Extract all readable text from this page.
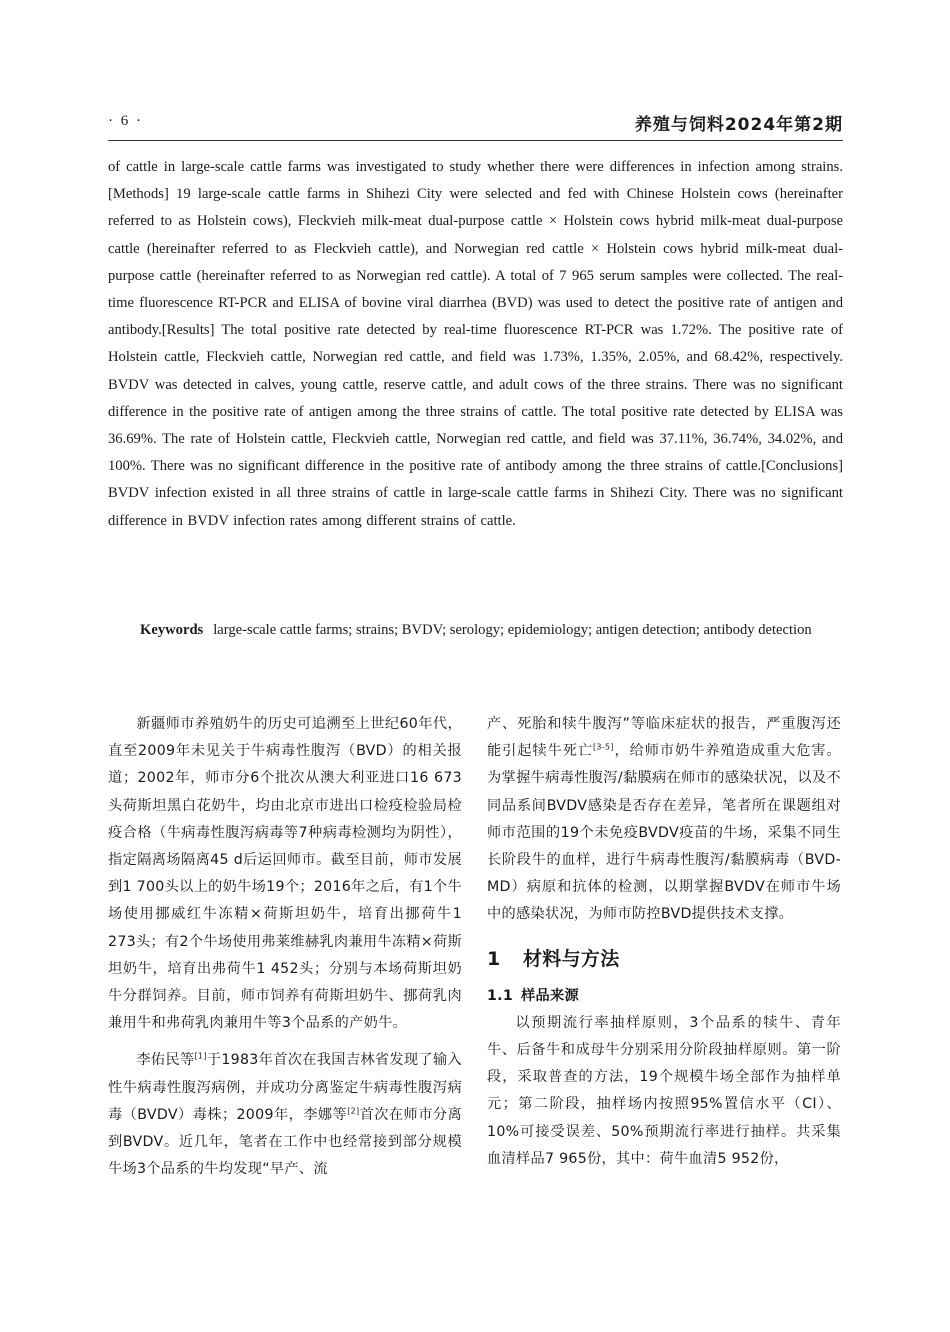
· 6 ·	养殖与饲料2024年第2期

of cattle in large-scale cattle farms was investigated to study whether there were differences in infection among strains.[Methods] 19 large-scale cattle farms in Shihezi City were selected and fed with Chinese Holstein cows (hereinafter referred to as Holstein cows), Fleckvieh milk-meat dual-purpose cattle × Holstein cows hybrid milk-meat dual-purpose cattle (hereinafter referred to as Fleckvieh cattle), and Norwegian red cattle × Holstein cows hybrid milk-meat dual-purpose cattle (hereinafter referred to as Norwegian red cattle). A total of 7 965 serum samples were collected. The real-time fluorescence RT-PCR and ELISA of bovine viral diarrhea (BVD) was used to detect the positive rate of antigen and antibody.[Results] The total positive rate detected by real-time fluorescence RT-PCR was 1.72%. The positive rate of Holstein cattle, Fleckvieh cattle, Norwegian red cattle, and field was 1.73%, 1.35%, 2.05%, and 68.42%, respectively. BVDV was detected in calves, young cattle, reserve cattle, and adult cows of the three strains. There was no significant difference in the positive rate of antigen among the three strains of cattle. The total positive rate detected by ELISA was 36.69%. The rate of Holstein cattle, Fleckvieh cattle, Norwegian red cattle, and field was 37.11%, 36.74%, 34.02%, and 100%. There was no significant difference in the positive rate of antibody among the three strains of cattle.[Conclusions] BVDV infection existed in all three strains of cattle in large-scale cattle farms in Shihezi City. There was no significant difference in BVDV infection rates among different strains of cattle.

Keywords large-scale cattle farms; strains; BVDV; serology; epidemiology; antigen detection; antibody detection

新疆师市养殖奶牛的历史可追溯至上世纪60年代，直至2009年未见关于牛病毒性腹泻（BVD）的相关报道；2002年，师市分6个批次从澳大利亚进口16 673头荷斯坦黑白花奶牛，均由北京市进出口检疫检验局检疫合格（牛病毒性腹泻病毒等7种病毒检测均为阴性），指定隔离场隔离45 d后运回师市。截至目前，师市发展到1 700头以上的奶牛场19个；2016年之后，有1个牛场使用挪威红牛冻精×荷斯坦奶牛，培育出挪荷牛1 273头；有2个牛场使用弗莱维赫乳肉兼用牛冻精×荷斯坦奶牛，培育出弗荷牛1 452头；分别与本场荷斯坦奶牛分群饲养。目前，师市饲养有荷斯坦奶牛、挪荷乳肉兼用牛和弗荷乳肉兼用牛等3个品系的产奶牛。

李佑民等[1]于1983年首次在我国吉林省发现了输入性牛病毒性腹泻病例，并成功分离鉴定牛病毒性腹泻病毒（BVDV）毒株；2009年，李娜等[2]首次在师市分离到BVDV。近几年，笔者在工作中也经常接到部分规模牛场3个品系的牛均发现“早产、流

产、死胎和犊牛腹泻”等临床症状的报告，严重腹泻还能引起犊牛死亡[3-5]，给师市奶牛养殖造成重大危害。为掌握牛病毒性腹泻/黏膜病在师市的感染状况，以及不同品系间BVDV感染是否存在差异，笔者所在课题组对师市范围的19个未免疫BVDV疫苗的牛场，采集不同生长阶段牛的血样，进行牛病毒性腹泻/黏膜病毒（BVD-MD）病原和抗体的检测，以期掌握BVDV在师市牛场中的感染状况，为师市防控BVD提供技术支撑。

1 材料与方法
1.1 样品来源

以预期流行率抽样原则，3个品系的犊牛、青年牛、后备牛和成母牛分别采用分阶段抽样原则。第一阶段，采取普查的方法，19个规模牛场全部作为抽样单元；第二阶段，抽样场内按照95%置信水平（CI）、10%可接受误差、50%预期流行率进行抽样。共采集血清样品7 965份，其中：荷牛血清5 952份，
